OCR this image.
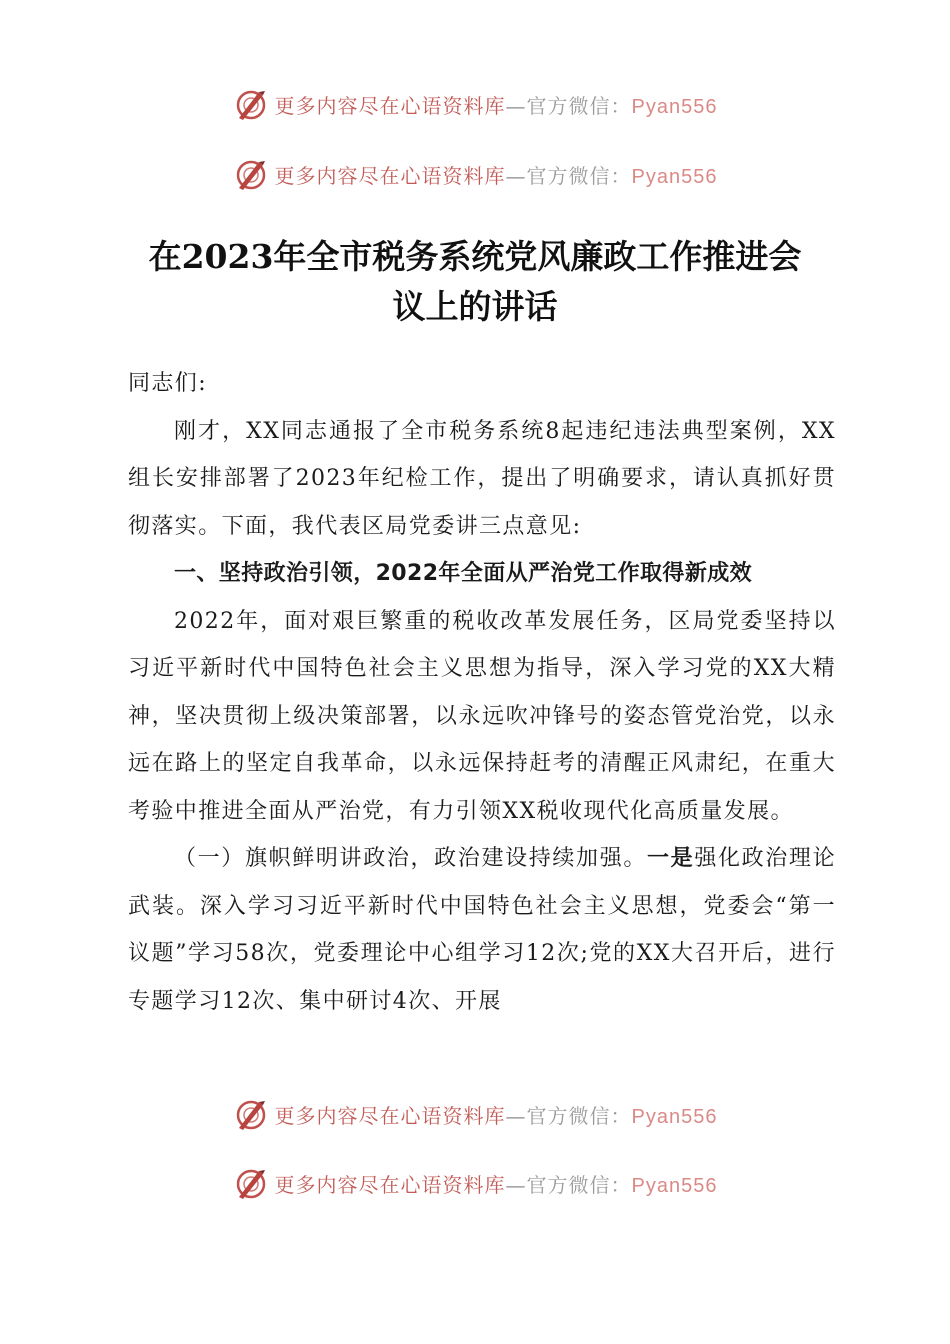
更多内容尽在心语资料库—官方微信：Pyan556
更多内容尽在心语资料库—官方微信：Pyan556
在2023年全市税务系统党风廉政工作推进会
议上的讲话

同志们:

刚才，XX同志通报了全市税务系统8起违纪违法典型案例，XX组长安排部署了2023年纪检工作，提出了明确要求，请认真抓好贯彻落实。下面，我代表区局党委讲三点意见:

一、坚持政治引领，2022年全面从严治党工作取得新成效

2022年，面对艰巨繁重的税收改革发展任务，区局党委坚持以习近平新时代中国特色社会主义思想为指导，深入学习党的XX大精神，坚决贯彻上级决策部署，以永远吹冲锋号的姿态管党治党，以永远在路上的坚定自我革命，以永远保持赶考的清醒正风肃纪，在重大考验中推进全面从严治党，有力引领XX税收现代化高质量发展。

（一）旗帜鲜明讲政治，政治建设持续加强。一是强化政治理论武装。深入学习习近平新时代中国特色社会主义思想，党委会“第一议题”学习58次，党委理论中心组学习12次;党的XX大召开后，进行专题学习12次、集中研讨4次、开展

更多内容尽在心语资料库—官方微信：Pyan556
更多内容尽在心语资料库—官方微信：Pyan556
